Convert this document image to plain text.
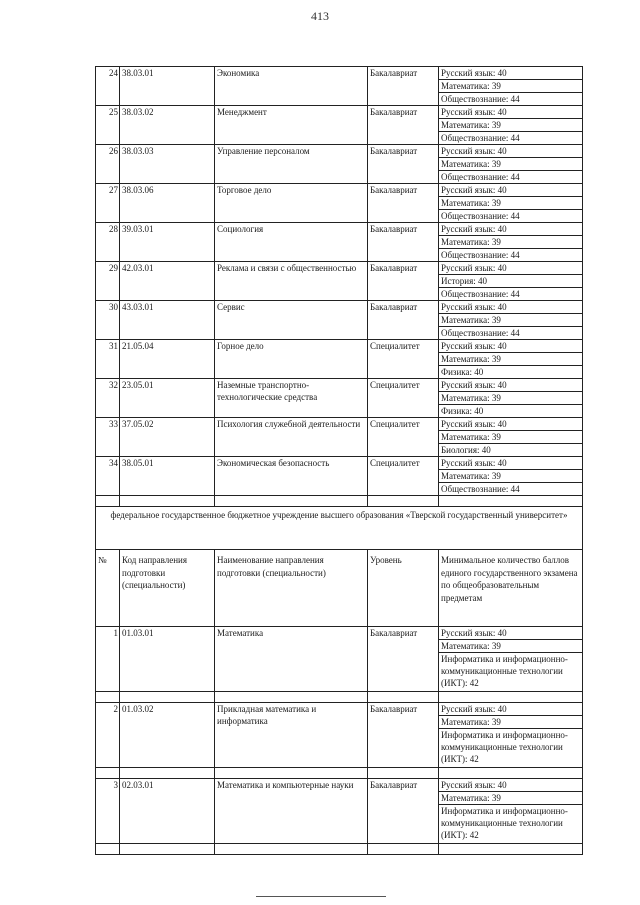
413
24	38.03.01	Экономика	Бакалавриат	Русский язык: 40
				Математика: 39
				Обществознание: 44
25	38.03.02	Менеджмент	Бакалавриат	Русский язык: 40
				Математика: 39
				Обществознание: 44
26	38.03.03	Управление персоналом	Бакалавриат	Русский язык: 40
				Математика: 39
				Обществознание: 44
27	38.03.06	Торговое дело	Бакалавриат	Русский язык: 40
				Математика: 39
				Обществознание: 44
28	39.03.01	Социология	Бакалавриат	Русский язык: 40
				Математика: 39
				Обществознание: 44
29	42.03.01	Реклама и связи с общественностью	Бакалавриат	Русский язык: 40
				История: 40
				Обществознание: 44
30	43.03.01	Сервис	Бакалавриат	Русский язык: 40
				Математика: 39
				Обществознание: 44
31	21.05.04	Горное дело	Специалитет	Русский язык: 40
				Математика: 39
				Физика: 40
32	23.05.01	Наземные транспортно-технологические средства	Специалитет	Русский язык: 40
				Математика: 39
				Физика: 40
33	37.05.02	Психология служебной деятельности	Специалитет	Русский язык: 40
				Математика: 39
				Биология: 40
34	38.05.01	Экономическая безопасность	Специалитет	Русский язык: 40
				Математика: 39
				Обществознание: 44

федеральное государственное бюджетное учреждение высшего образования «Тверской государственный университет»				
№	Код направления подготовки (специальности)	Наименование направления подготовки (специальности)	Уровень	Минимальное количество баллов единого государственного экзамена по общеобразовательным предметам
1	01.03.01	Математика	Бакалавриат	Русский язык: 40
				Математика: 39
				Информатика и информационно-коммуникационные технологии (ИКТ): 42

2	01.03.02	Прикладная математика и информатика	Бакалавриат	Русский язык: 40
				Математика: 39
				Информатика и информационно-коммуникационные технологии (ИКТ): 42

3	02.03.01	Математика и компьютерные науки	Бакалавриат	Русский язык: 40
				Математика: 39
				Информатика и информационно-коммуникационные технологии (ИКТ): 42
